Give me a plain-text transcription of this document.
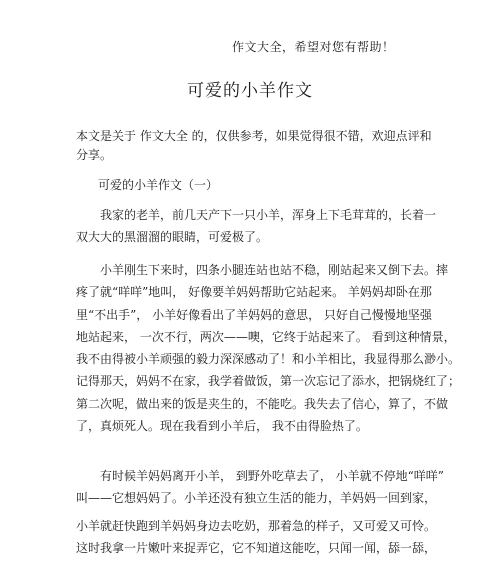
作文大全，希望对您有帮助！
可爱的小羊作文
本文是关于 作文大全 的，仅供参考，如果觉得很不错，欢迎点评和
分享。
可爱的小羊作文（一）
　　我家的老羊，前几天产下一只小羊，浑身上下毛茸茸的，长着一
双大大的黑溜溜的眼睛，可爱极了。
　　小羊刚生下来时，四条小腿连站也站不稳，刚站起来又倒下去。摔
疼了就“咩咩”地叫， 好像要羊妈妈帮助它站起来。 羊妈妈却卧在那
里“不出手”， 小羊好像看出了羊妈妈的意思， 只好自己慢慢地坚强
地站起来， 一次不行，两次——噢，它终于站起来了。 看到这种情景，
我不由得被小羊顽强的毅力深深感动了！和小羊相比，我显得那么渺小。
记得那天，妈妈不在家，我学着做饭，第一次忘记了添水，把锅烧红了；
第二次呢，做出来的饭是夹生的，不能吃。我失去了信心，算了，不做
了，真烦死人。现在我看到小羊后， 我不由得脸热了。
　　有时候羊妈妈离开小羊， 到野外吃草去了， 小羊就不停地“咩咩”
叫——它想妈妈了。小羊还没有独立生活的能力，羊妈妈一回到家，
小羊就赶快跑到羊妈妈身边去吃奶，那着急的样子，又可爱又可怜。
这时我拿一片嫩叶来捉弄它，它不知道这能吃，只闻一闻，舔一舔，
